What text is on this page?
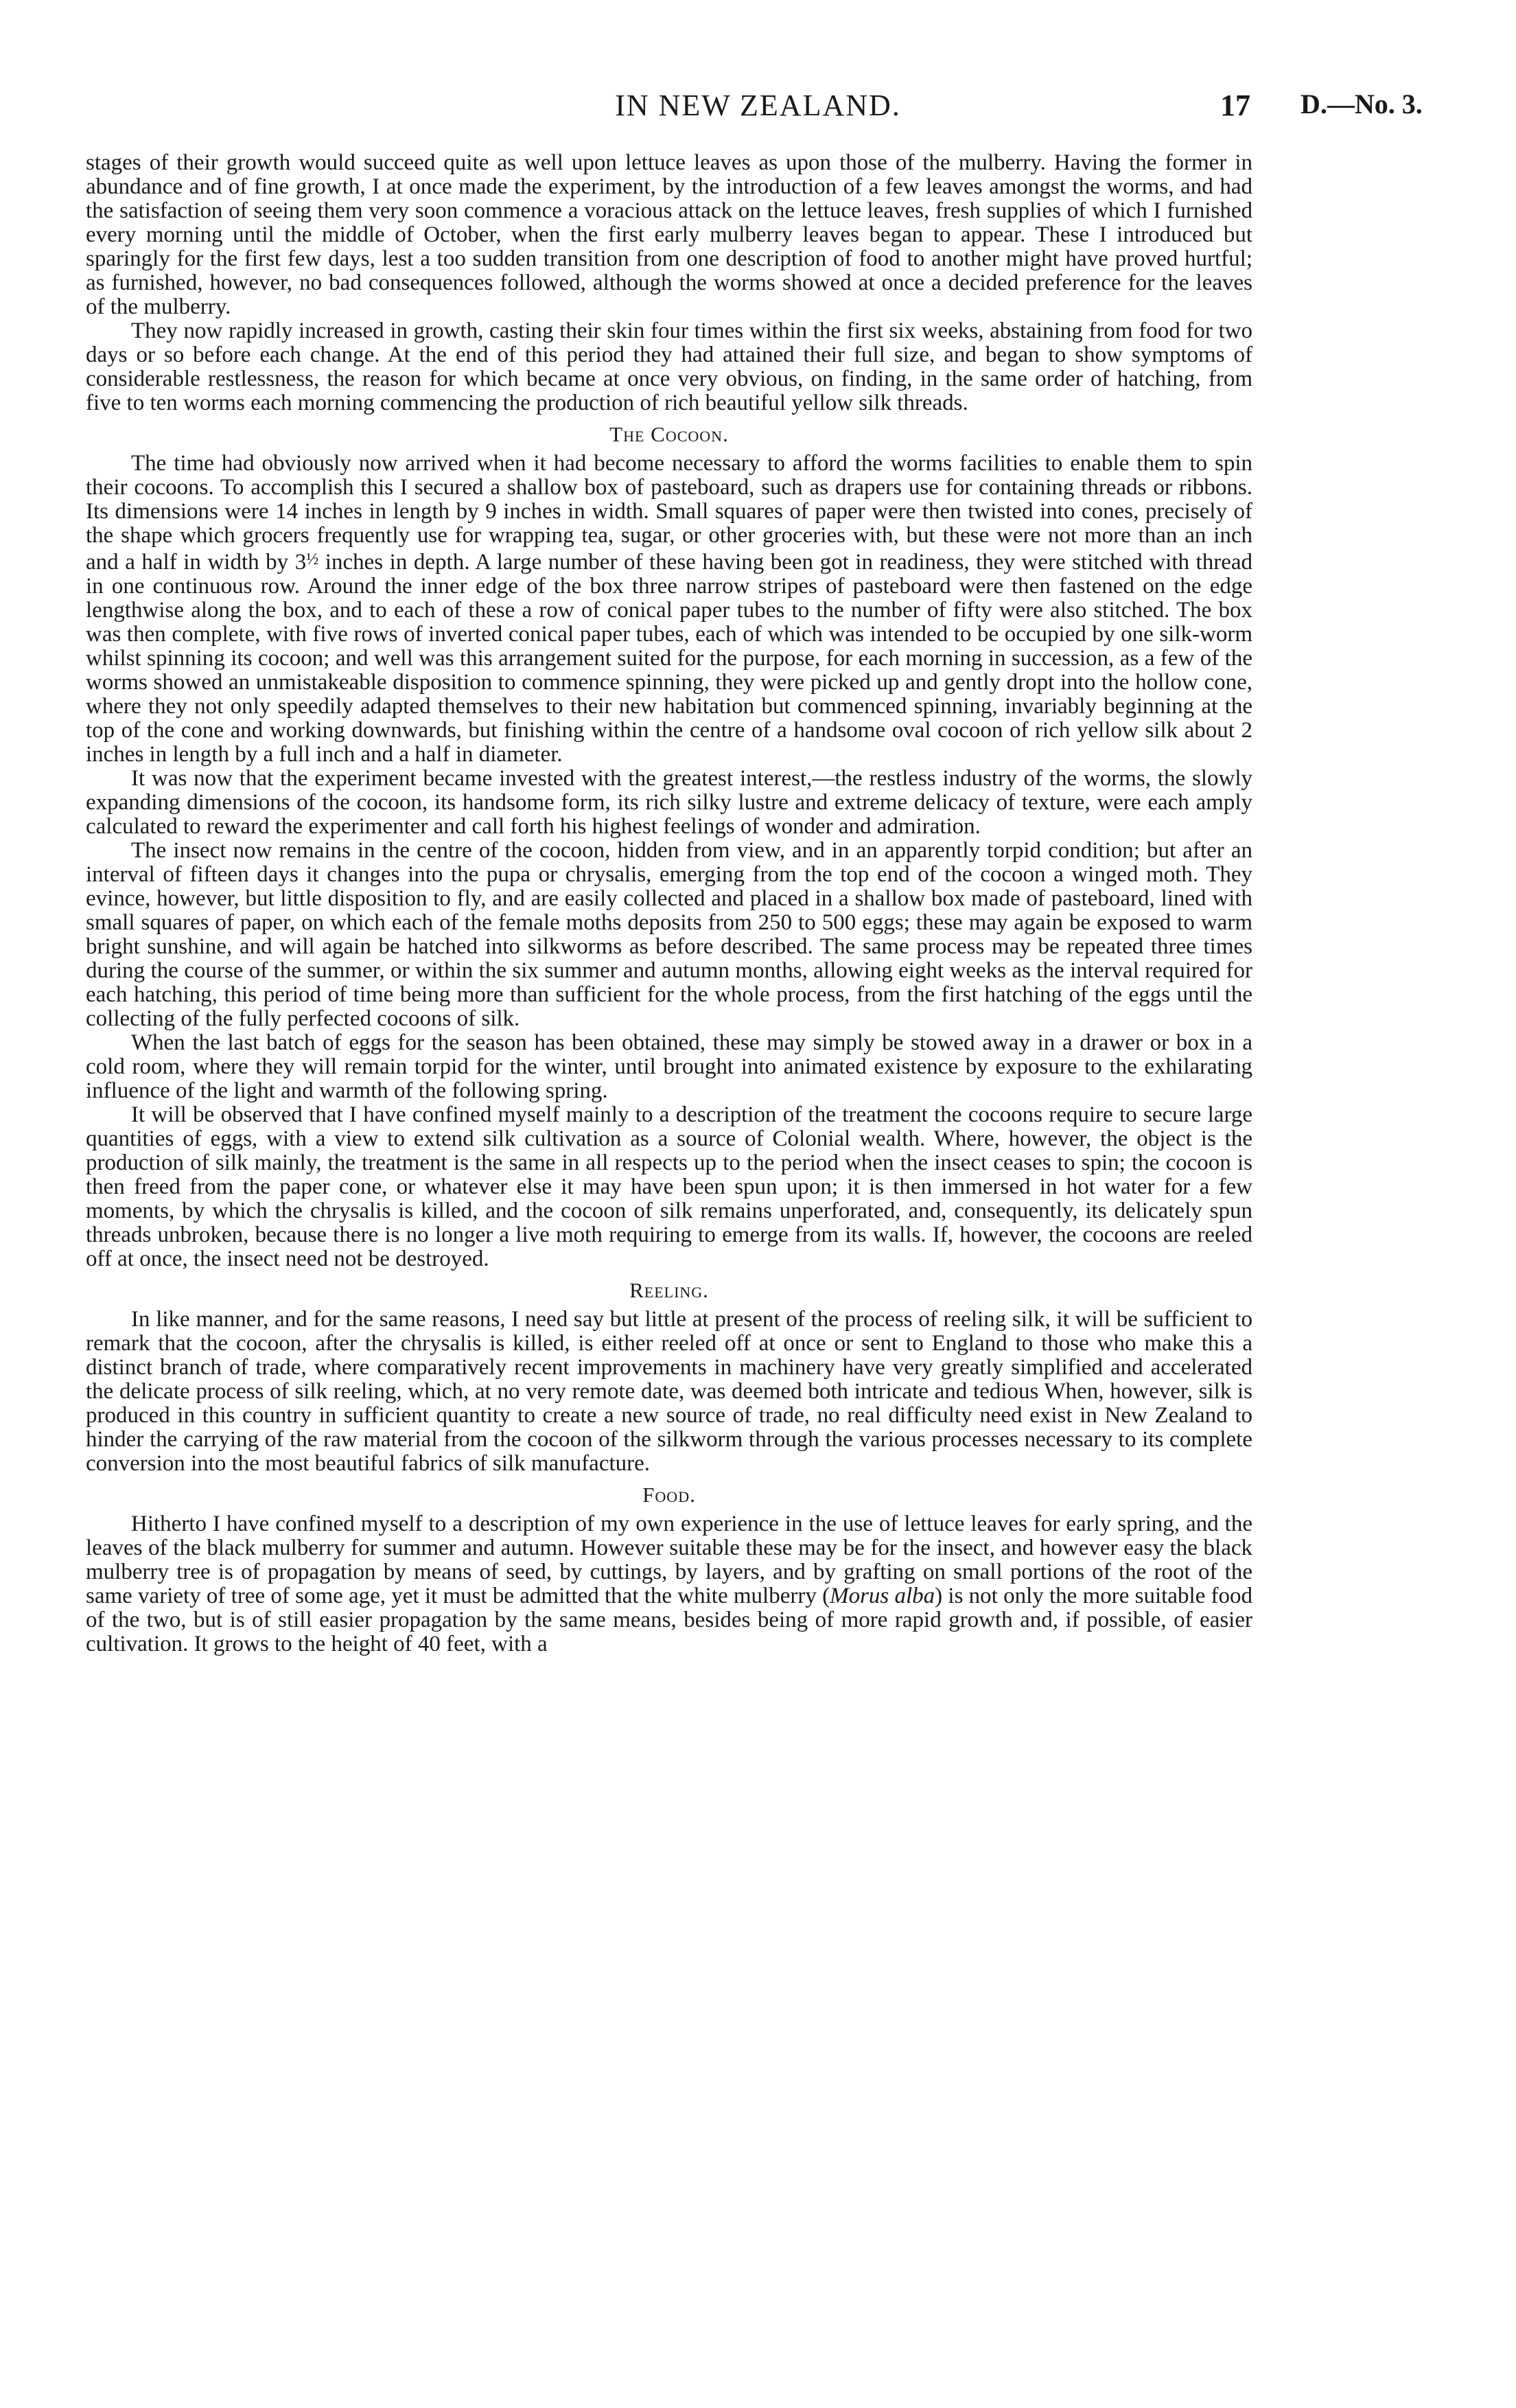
IN NEW ZEALAND.	17 D.—No. 3.

stages of their growth would succeed quite as well upon lettuce leaves as upon those of the mulberry. Having the former in abundance and of fine growth, I at once made the experiment, by the introduction of a few leaves amongst the worms, and had the satisfaction of seeing them very soon commence a voracious attack on the lettuce leaves, fresh supplies of which I furnished every morning until the middle of October, when the first early mulberry leaves began to appear. These I introduced but sparingly for the first few days, lest a too sudden transition from one description of food to another might have proved hurtful; as furnished, however, no bad consequences followed, although the worms showed at once a decided preference for the leaves of the mulberry.

They now rapidly increased in growth, casting their skin four times within the first six weeks, abstaining from food for two days or so before each change. At the end of this period they had attained their full size, and began to show symptoms of considerable restlessness, the reason for which became at once very obvious, on finding, in the same order of hatching, from five to ten worms each morning commencing the production of rich beautiful yellow silk threads.

The Cocoon.

The time had obviously now arrived when it had become necessary to afford the worms facilities to enable them to spin their cocoons. To accomplish this I secured a shallow box of pasteboard, such as drapers use for containing threads or ribbons. Its dimensions were 14 inches in length by 9 inches in width. Small squares of paper were then twisted into cones, precisely of the shape which grocers frequently use for wrapping tea, sugar, or other groceries with, but these were not more than an inch and a half in width by $3^{\frac{1}{2}}$ inches in depth. A large number of these having been got in readiness, they were stitched with thread in one continuous row. Around the inner edge of the box three narrow stripes of pasteboard were then fastened on the edge lengthwise along the box, and to each of these a row of conical paper tubes to the number of fifty were also stitched. The box was then complete, with five rows of inverted conical paper tubes, each of which was intended to be occupied by one silk-worm whilst spinning its cocoon; and well was this arrangement suited for the purpose, for each morning in succession, as a few of the worms showed an unmistakeable disposition to commence spinning, they were picked up and gently dropt into the hollow cone, where they not only speedily adapted themselves to their new habitation but commenced spinning, invariably beginning at the top of the cone and working downwards, but finishing within the centre of a handsome oval cocoon of rich yellow silk about 2 inches in length by a full inch and a half in diameter.

It was now that the experiment became invested with the greatest interest,—the restless industry of the worms, the slowly expanding dimensions of the cocoon, its handsome form, its rich silky lustre and extreme delicacy of texture, were each amply calculated to reward the experimenter and call forth his highest feelings of wonder and admiration.

The insect now remains in the centre of the cocoon, hidden from view, and in an apparently torpid condition; but after an interval of fifteen days it changes into the pupa or chrysalis, emerging from the top end of the cocoon a winged moth. They evince, however, but little disposition to fly, and are easily collected and placed in a shallow box made of pasteboard, lined with small squares of paper, on which each of the female moths deposits from 250 to 500 eggs; these may again be exposed to warm bright sunshine, and will again be hatched into silkworms as before described. The same process may be repeated three times during the course of the summer, or within the six summer and autumn months, allowing eight weeks as the interval required for each hatching, this period of time being more than sufficient for the whole process, from the first hatching of the eggs until the collecting of the fully perfected cocoons of silk.

When the last batch of eggs for the season has been obtained, these may simply be stowed away in a drawer or box in a cold room, where they will remain torpid for the winter, until brought into animated existence by exposure to the exhilarating influence of the light and warmth of the following spring.

It will be observed that I have confined myself mainly to a description of the treatment the cocoons require to secure large quantities of eggs, with a view to extend silk cultivation as a source of Colonial wealth. Where, however, the object is the production of silk mainly, the treatment is the same in all respects up to the period when the insect ceases to spin; the cocoon is then freed from the paper cone, or whatever else it may have been spun upon; it is then immersed in hot water for a few moments, by which the chrysalis is killed, and the cocoon of silk remains unperforated, and, consequently, its delicately spun threads unbroken, because there is no longer a live moth requiring to emerge from its walls. If, however, the cocoons are reeled off at once, the insect need not be destroyed.

Reeling.

In like manner, and for the same reasons, I need say but little at present of the process of reeling silk, it will be sufficient to remark that the cocoon, after the chrysalis is killed, is either reeled off at once or sent to England to those who make this a distinct branch of trade, where comparatively recent improvements in machinery have very greatly simplified and accelerated the delicate process of silk reeling, which, at no very remote date, was deemed both intricate and tedious When, however, silk is produced in this country in sufficient quantity to create a new source of trade, no real difficulty need exist in New Zealand to hinder the carrying of the raw material from the cocoon of the silkworm through the various processes necessary to its complete conversion into the most beautiful fabrics of silk manufacture.

Food.

Hitherto I have confined myself to a description of my own experience in the use of lettuce leaves for early spring, and the leaves of the black mulberry for summer and autumn. However suitable these may be for the insect, and however easy the black mulberry tree is of propagation by means of seed, by cuttings, by layers, and by grafting on small portions of the root of the same variety of tree of some age, yet it must be admitted that the white mulberry (Morus alba) is not only the more suitable food of the two, but is of still easier propagation by the same means, besides being of more rapid growth and, if possible, of easier cultivation. It grows to the height of 40 feet, with a
